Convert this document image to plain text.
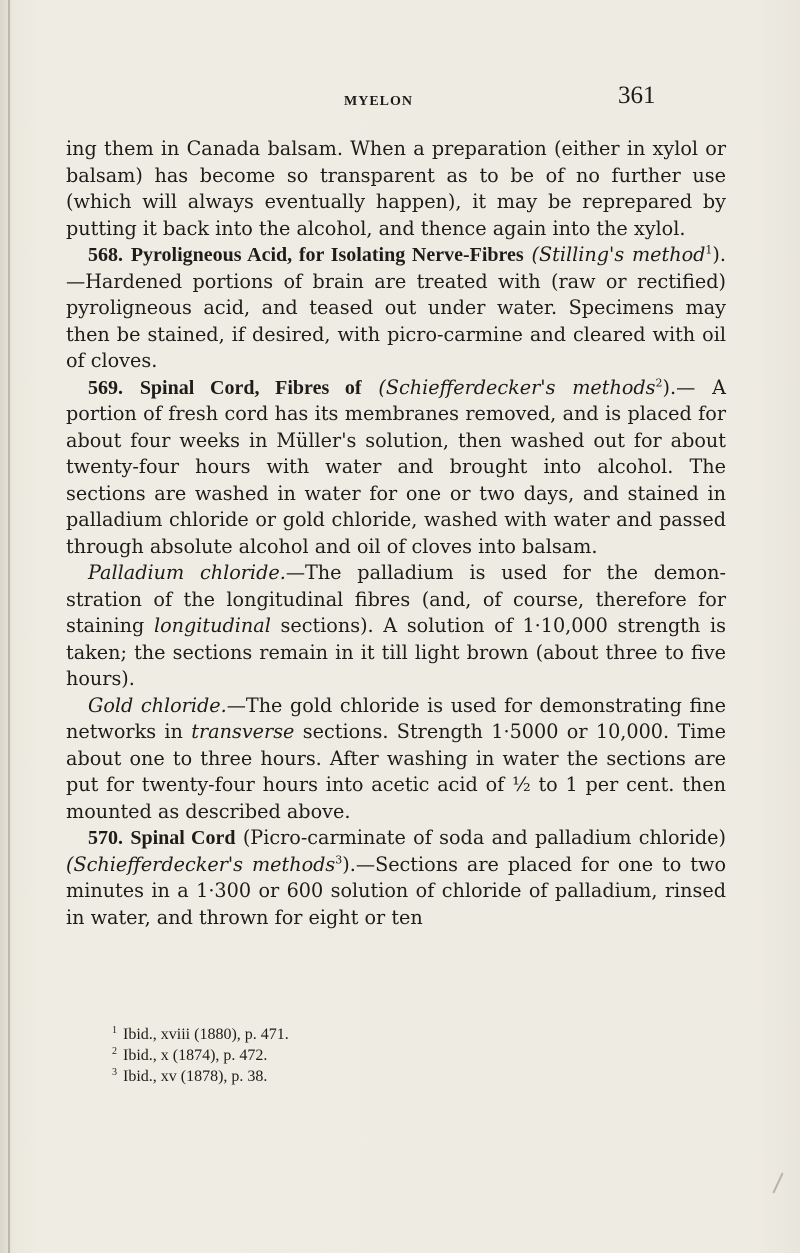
MYELON	361

ing them in Canada balsam. When a preparation (either in xylol or balsam) has become so transparent as to be of no further use (which will always eventually happen), it may be reprepared by putting it back into the alcohol, and thence again into the xylol.

568. Pyroligneous Acid, for Isolating Nerve-Fibres (Stilling's method$^1$).—Hardened portions of brain are treated with (raw or rectified) pyroligneous acid, and teased out under water. Specimens may then be stained, if desired, with picro-carmine and cleared with oil of cloves.

569. Spinal Cord, Fibres of (Schiefferdecker's methods$^2$).— A portion of fresh cord has its membranes removed, and is placed for about four weeks in Müller's solution, then washed out for about twenty-four hours with water and brought into alcohol. The sections are washed in water for one or two days, and stained in palladium chloride or gold chloride, washed with water and passed through absolute alcohol and oil of cloves into balsam.

Palladium chloride.—The palladium is used for the demon-stration of the longitudinal fibres (and, of course, therefore for staining longitudinal sections). A solution of 1·10,000 strength is taken; the sections remain in it till light brown (about three to five hours).

Gold chloride.—The gold chloride is used for demonstrating fine networks in transverse sections. Strength 1·5000 or 10,000. Time about one to three hours. After washing in water the sections are put for twenty-four hours into acetic acid of ½ to 1 per cent. then mounted as described above.

570. Spinal Cord (Picro-carminate of soda and palladium chloride) (Schiefferdecker's methods$^3$).—Sections are placed for one to two minutes in a 1·300 or 600 solution of chloride of palladium, rinsed in water, and thrown for eight or ten

$^1$ Ibid., xviii (1880), p. 471.
$^2$ Ibid., x (1874), p. 472.
$^3$ Ibid., xv (1878), p. 38.
